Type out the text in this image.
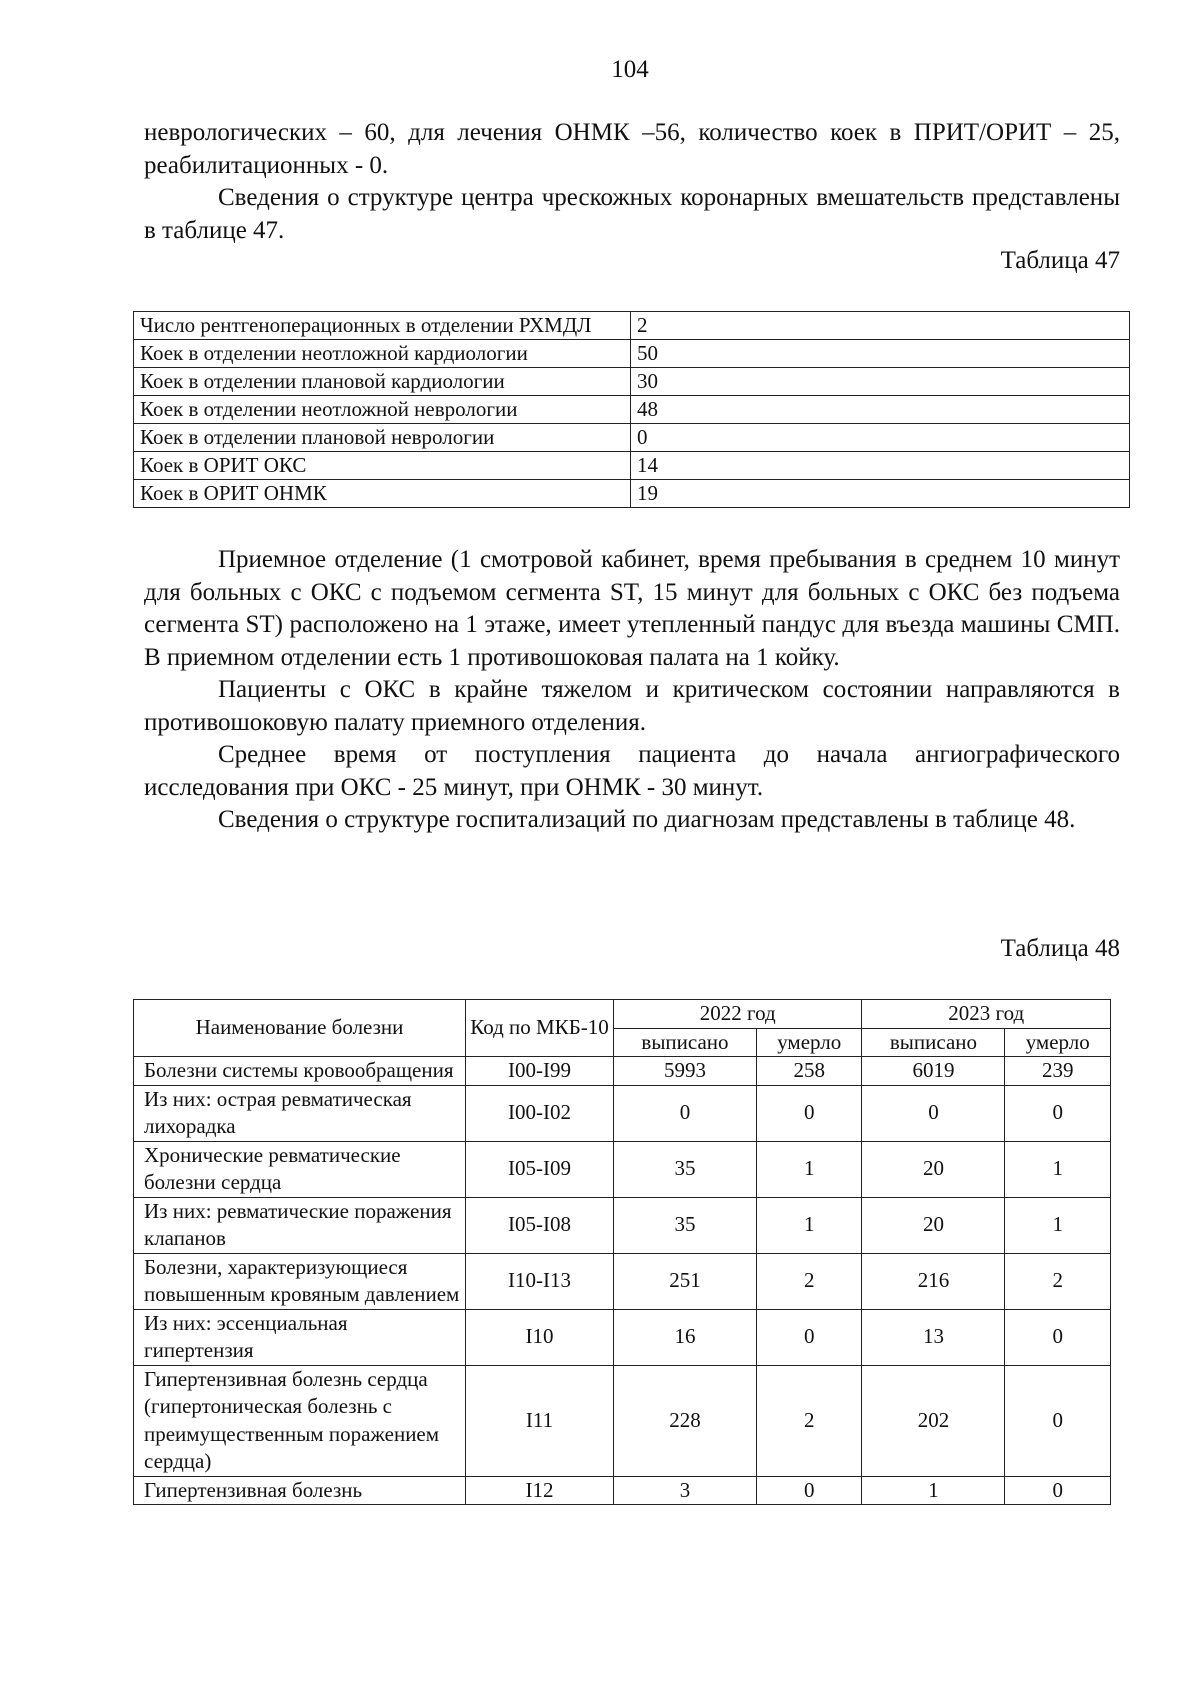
104

неврологических – 60, для лечения ОНМК –56, количество коек в ПРИТ/ОРИТ – 25, реабилитационных - 0.

Сведения о структуре центра чрескожных коронарных вмешательств представлены в таблице 47.

Таблица 47
Число рентгеноперационных в отделении РХМДЛ	2
Коек в отделении неотложной кардиологии	50
Коек в отделении плановой кардиологии	30
Коек в отделении неотложной неврологии	48
Коек в отделении плановой неврологии	0
Коек в ОРИТ ОКС	14
Коек в ОРИТ ОНМК	19

Приемное отделение (1 смотровой кабинет, время пребывания в среднем 10 минут для больных с ОКС с подъемом сегмента ST, 15 минут для больных с ОКС без подъема сегмента ST) расположено на 1 этаже, имеет утепленный пандус для въезда машины СМП. В приемном отделении есть 1 противошоковая палата на 1 койку.

Пациенты с ОКС в крайне тяжелом и критическом состоянии направляются в противошоковую палату приемного отделения.

Среднее время от поступления пациента до начала ангиографического исследования при ОКС - 25 минут, при ОНМК - 30 минут.

Сведения о структуре госпитализаций по диагнозам представлены в таблице 48.

Таблица 48
Наименование болезни	Код по МКБ-10	2022 год		2023 год	
		выписано	умерло	выписано	умерло
Болезни системы кровообращения	I00-I99	5993	258	6019	239
Из них: острая ревматическая лихорадка	I00-I02	0	0	0	0
Хронические ревматические болезни сердца	I05-I09	35	1	20	1
Из них: ревматические поражения клапанов	I05-I08	35	1	20	1
Болезни, характеризующиеся повышенным кровяным давлением	I10-I13	251	2	216	2
Из них: эссенциальная гипертензия	I10	16	0	13	0
Гипертензивная болезнь сердца (гипертоническая болезнь с преимущественным поражением сердца)	I11	228	2	202	0
Гипертензивная болезнь	I12	3	0	1	0
